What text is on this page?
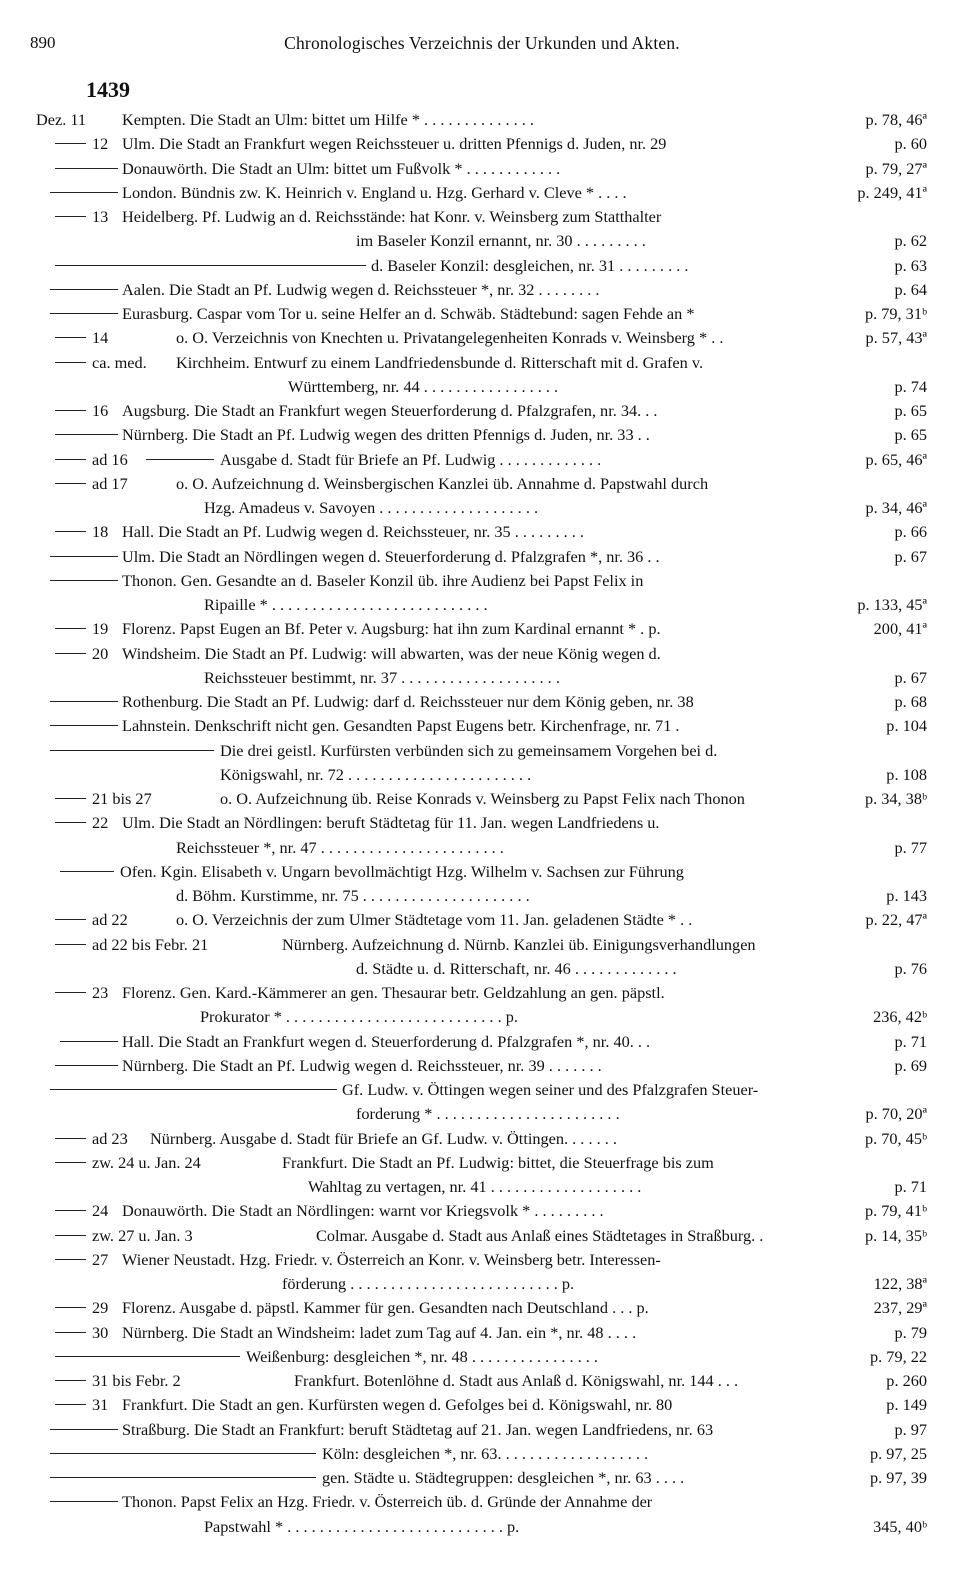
890	Chronologisches Verzeichnis der Urkunden und Akten.
1439
Dez. 11 Kempten. Die Stadt an Ulm: bittet um Hilfe * . . . . . . . . . . . . . .	p. 78, 46ª
12 Ulm. Die Stadt an Frankfurt wegen Reichssteuer u. dritten Pfennigs d. Juden, nr. 29	p. 60
Donauwörth. Die Stadt an Ulm: bittet um Fußvolk * . . . . . . . . . . . .	p. 79, 27ª
London. Bündnis zw. K. Heinrich v. England u. Hzg. Gerhard v. Cleve * . . . .	p. 249, 41ª
13 Heidelberg. Pf. Ludwig an d. Reichsstände: hat Konr. v. Weinsberg zum Statthalter
im Baseler Konzil ernannt, nr. 30 . . . . . . . . .	p. 62
d. Baseler Konzil: desgleichen, nr. 31 . . . . . . . . .	p. 63
Aalen. Die Stadt an Pf. Ludwig wegen d. Reichssteuer *, nr. 32 . . . . . . . .	p. 64
Eurasburg. Caspar vom Tor u. seine Helfer an d. Schwäb. Städtebund: sagen Fehde an *	p. 79, 31ᵇ
14	o. O. Verzeichnis von Knechten u. Privatangelegenheiten Konrads v. Weinsberg * . .	p. 57, 43ª
ca. med. Kirchheim. Entwurf zu einem Landfriedensbunde d. Ritterschaft mit d. Grafen v.
Württemberg, nr. 44 . . . . . . . . . . . . . . . . .	p. 74
16 Augsburg. Die Stadt an Frankfurt wegen Steuerforderung d. Pfalzgrafen, nr. 34. . .	p. 65
Nürnberg. Die Stadt an Pf. Ludwig wegen des dritten Pfennigs d. Juden, nr. 33 . .	p. 65
ad 16	Ausgabe d. Stadt für Briefe an Pf. Ludwig . . . . . . . . . . . . .	p. 65, 46ª
ad 17	o. O. Aufzeichnung d. Weinsbergischen Kanzlei üb. Annahme d. Papstwahl durch
Hzg. Amadeus v. Savoyen . . . . . . . . . . . . . . . . . . . .	p. 34, 46ª
18 Hall. Die Stadt an Pf. Ludwig wegen d. Reichssteuer, nr. 35 . . . . . . . . .	p. 66
Ulm. Die Stadt an Nördlingen wegen d. Steuerforderung d. Pfalzgrafen *, nr. 36 . .	p. 67
Thonon. Gen. Gesandte an d. Baseler Konzil üb. ihre Audienz bei Papst Felix in
Ripaille * . . . . . . . . . . . . . . . . . . . . . . . . . . .	p. 133, 45ª
19 Florenz. Papst Eugen an Bf. Peter v. Augsburg: hat ihn zum Kardinal ernannt * . p.	200, 41ª
20 Windsheim. Die Stadt an Pf. Ludwig: will abwarten, was der neue König wegen d.
Reichssteuer bestimmt, nr. 37 . . . . . . . . . . . . . . . . . . . .	p. 67
Rothenburg. Die Stadt an Pf. Ludwig: darf d. Reichssteuer nur dem König geben, nr. 38	p. 68
Lahnstein. Denkschrift nicht gen. Gesandten Papst Eugens betr. Kirchenfrage, nr. 71 .	p. 104
Die drei geistl. Kurfürsten verbünden sich zu gemeinsamem Vorgehen bei d.
Königswahl, nr. 72 . . . . . . . . . . . . . . . . . . . . . . .	p. 108
21 bis 27	o. O. Aufzeichnung üb. Reise Konrads v. Weinsberg zu Papst Felix nach Thonon	p. 34, 38ᵇ
22 Ulm. Die Stadt an Nördlingen: beruft Städtetag für 11. Jan. wegen Landfriedens u.
Reichssteuer *, nr. 47 . . . . . . . . . . . . . . . . . . . . . . .	p. 77
Ofen. Kgin. Elisabeth v. Ungarn bevollmächtigt Hzg. Wilhelm v. Sachsen zur Führung
d. Böhm. Kurstimme, nr. 75 . . . . . . . . . . . . . . . . . . . . .	p. 143
ad 22	o. O. Verzeichnis der zum Ulmer Städtetage vom 11. Jan. geladenen Städte * . .	p. 22, 47ª
ad 22 bis Febr. 21	Nürnberg. Aufzeichnung d. Nürnb. Kanzlei üb. Einigungsverhandlungen
d. Städte u. d. Ritterschaft, nr. 46 . . . . . . . . . . . . .	p. 76
23 Florenz. Gen. Kard.-Kämmerer an gen. Thesaurar betr. Geldzahlung an gen. päpstl.
Prokurator * . . . . . . . . . . . . . . . . . . . . . . . . . . . p.	236, 42ᵇ
Hall. Die Stadt an Frankfurt wegen d. Steuerforderung d. Pfalzgrafen *, nr. 40. . .	p. 71
Nürnberg. Die Stadt an Pf. Ludwig wegen d. Reichssteuer, nr. 39 . . . . . . .	p. 69
Gf. Ludw. v. Öttingen wegen seiner und des Pfalzgrafen Steuer-
forderung * . . . . . . . . . . . . . . . . . . . . . . .	p. 70, 20ª
ad 23 Nürnberg. Ausgabe d. Stadt für Briefe an Gf. Ludw. v. Öttingen. . . . . . .	p. 70, 45ᵇ
zw. 24 u. Jan. 24	Frankfurt. Die Stadt an Pf. Ludwig: bittet, die Steuerfrage bis zum
Wahltag zu vertagen, nr. 41 . . . . . . . . . . . . . . . . . . .	p. 71
24 Donauwörth. Die Stadt an Nördlingen: warnt vor Kriegsvolk * . . . . . . . . .	p. 79, 41ᵇ
zw. 27 u. Jan. 3	Colmar. Ausgabe d. Stadt aus Anlaß eines Städtetages in Straßburg. .	p. 14, 35ᵇ
27 Wiener Neustadt. Hzg. Friedr. v. Österreich an Konr. v. Weinsberg betr. Interessen-
förderung . . . . . . . . . . . . . . . . . . . . . . . . . . p.	122, 38ª
29 Florenz. Ausgabe d. päpstl. Kammer für gen. Gesandten nach Deutschland . . . p.	237, 29ª
30 Nürnberg. Die Stadt an Windsheim: ladet zum Tag auf 4. Jan. ein *, nr. 48 . . . .	p. 79
Weißenburg: desgleichen *, nr. 48 . . . . . . . . . . . . . . . .	p. 79, 22
31 bis Febr. 2	Frankfurt. Botenlöhne d. Stadt aus Anlaß d. Königswahl, nr. 144 . . .	p. 260
31 Frankfurt. Die Stadt an gen. Kurfürsten wegen d. Gefolges bei d. Königswahl, nr. 80	p. 149
Straßburg. Die Stadt an Frankfurt: beruft Städtetag auf 21. Jan. wegen Landfriedens, nr. 63	p. 97
Köln: desgleichen *, nr. 63. . . . . . . . . . . . . . . . . . .	p. 97, 25
gen. Städte u. Städtegruppen: desgleichen *, nr. 63 . . . .	p. 97, 39
Thonon. Papst Felix an Hzg. Friedr. v. Österreich üb. d. Gründe der Annahme der
Papstwahl * . . . . . . . . . . . . . . . . . . . . . . . . . . . p.	345, 40ᵇ
